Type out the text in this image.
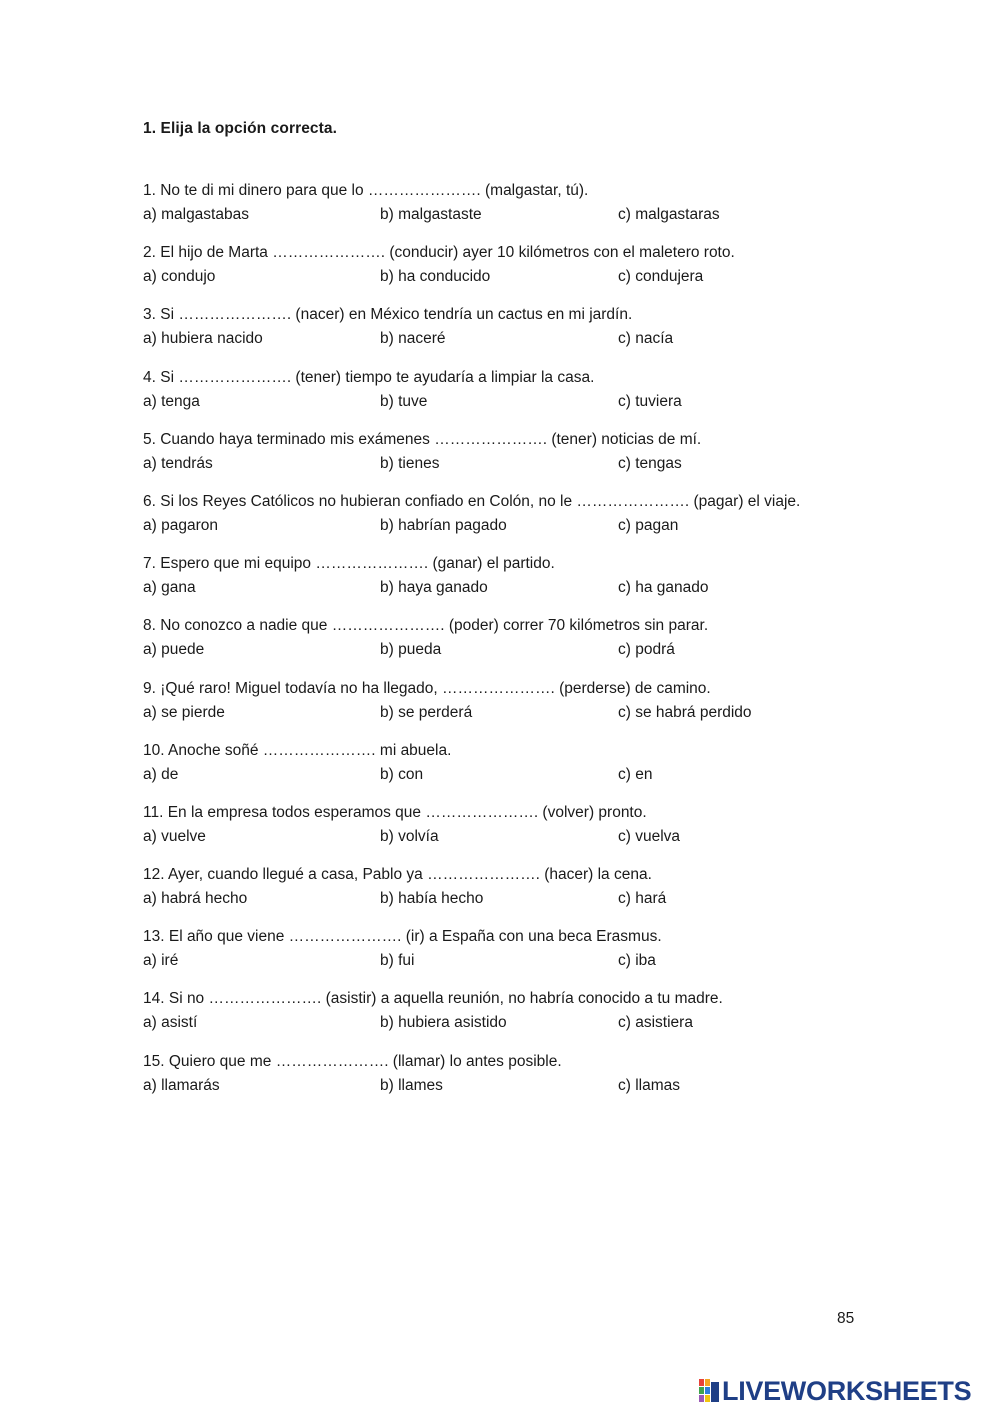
1. Elija la opción correcta.
1. No te di mi dinero para que lo …………………. (malgastar, tú).
a) malgastabas	b) malgastaste	c) malgastaras
2. El hijo de Marta …………………. (conducir) ayer 10 kilómetros con el maletero roto.
a) condujo	b) ha conducido	c) condujera
3. Si …………………. (nacer) en México tendría un cactus en mi jardín.
a) hubiera nacido	b) naceré	c) nacía
4. Si …………………. (tener) tiempo te ayudaría a limpiar la casa.
a) tenga	b) tuve	c) tuviera
5. Cuando haya terminado mis exámenes …………………. (tener) noticias de mí.
a) tendrás	b) tienes	c) tengas
6. Si los Reyes Católicos no hubieran confiado en Colón, no le …………………. (pagar) el viaje.
a) pagaron	b) habrían pagado	c) pagan
7. Espero que mi equipo …………………. (ganar) el partido.
a) gana	b) haya ganado	c) ha ganado
8. No conozco a nadie que …………………. (poder) correr 70 kilómetros sin parar.
a) puede	b) pueda	c) podrá
9. ¡Qué raro! Miguel todavía no ha llegado, …………………. (perderse) de camino.
a) se pierde	b) se perderá	c) se habrá perdido
10. Anoche soñé …………………. mi abuela.
a) de	b) con	c) en
11. En la empresa todos esperamos que …………………. (volver) pronto.
a) vuelve	b) volvía	c) vuelva
12. Ayer, cuando llegué a casa, Pablo ya …………………. (hacer) la cena.
a) habrá hecho	b) había hecho	c) hará
13. El año que viene …………………. (ir) a España con una beca Erasmus.
a) iré	b) fui	c) iba
14. Si no …………………. (asistir) a aquella reunión, no habría conocido a tu madre.
a) asistí	b) hubiera asistido	c) asistiera
15. Quiero que me …………………. (llamar) lo antes posible.
a) llamarás	b) llames	c) llamas
85
LIVEWORKSHEETS
